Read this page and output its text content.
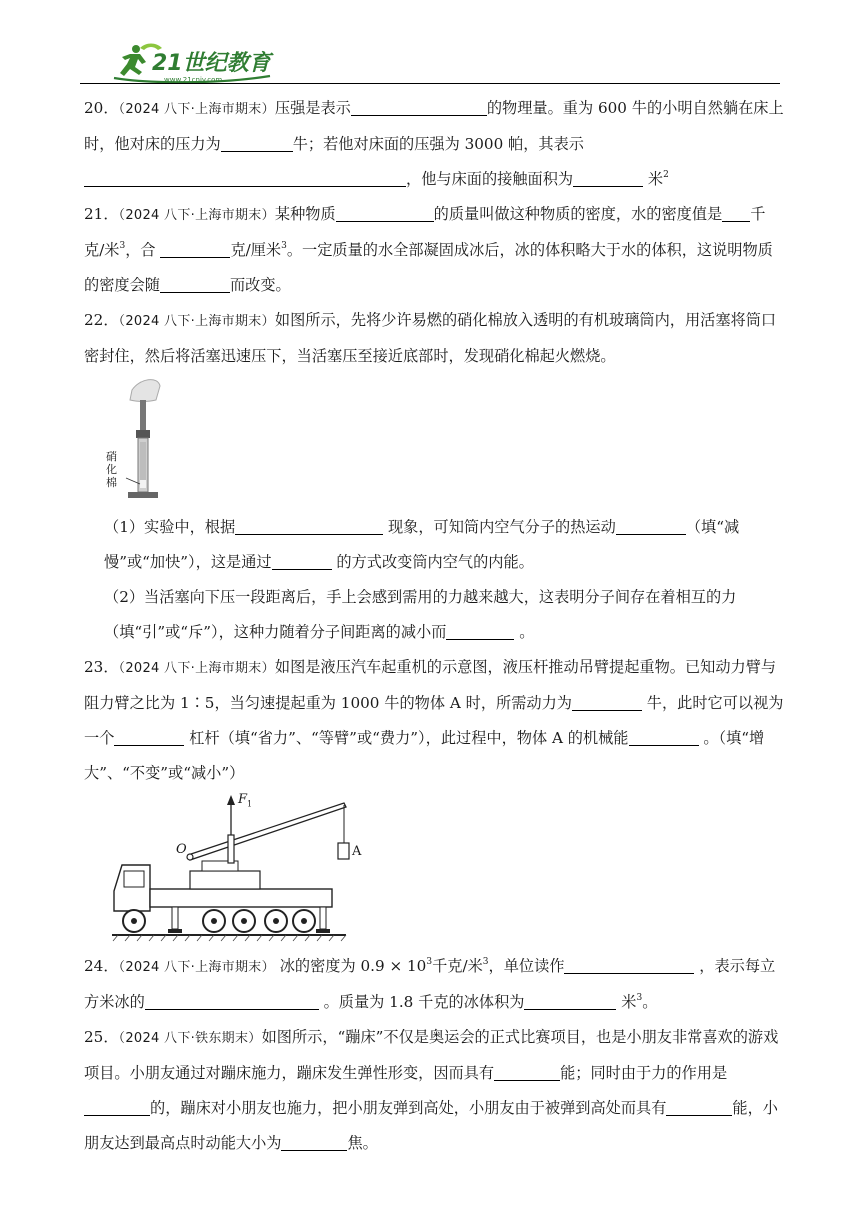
21世纪教育
www.21cnjy.com

20．（2024 八下·上海市期末）压强是表示	的物理量。重为 600 牛的小明自然躺在床上时，他对床的压力为	牛；若他对床面的压强为 3000 帕，其表示，他与床面的接触面积为	米$^2$

21．（2024 八下·上海市期末）某种物质	的质量叫做这种物质的密度，水的密度值是 千克/米$^3$，合	克/厘米$^3$。一定质量的水全部凝固成冰后，冰的体积略大于水的体积，这说明物质的密度会随	而改变。

22．（2024 八下·上海市期末）如图所示，先将少许易燃的硝化棉放入透明的有机玻璃筒内，用活塞将筒口密封住，然后将活塞迅速压下，当活塞压至接近底部时，发现硝化棉起火燃烧。

硝化棉

（1）实验中，根据	现象，可知筒内空气分子的热运动	（填“减慢”或“加快”），这是通过	的方式改变筒内空气的内能。

（2）当活塞向下压一段距离后，手上会感到需用的力越来越大，这表明分子间存在着相互的力（填“引”或“斥”），这种力随着分子间距离的减小而	。

23．（2024 八下·上海市期末）如图是液压汽车起重机的示意图，液压杆推动吊臂提起重物。已知动力臂与阻力臂之比为 1∶5，当匀速提起重为 1000 牛的物体 A 时，所需动力为	牛，此时它可以视为一个	杠杆（填“省力”、“等臂”或“费力”），此过程中，物体 A 的机械能	。（填“增大”、“不变”或“减小”）

$F_1$
O	A

24．（2024 八下·上海市期末） 冰的密度为 $0.9 \times 10^3$千克/米$^3$，单位读作	，表示每立方米冰的	。质量为 1.8 千克的冰体积为	米$^3$。

25．（2024 八下·铁东期末）如图所示，“蹦床”不仅是奥运会的正式比赛项目，也是小朋友非常喜欢的游戏项目。小朋友通过对蹦床施力，蹦床发生弹性形变，因而具有	能；同时由于力的作用是的，蹦床对小朋友也施力，把小朋友弹到高处，小朋友由于被弹到高处而具有	能，小朋友达到最高点时动能大小为	焦。
